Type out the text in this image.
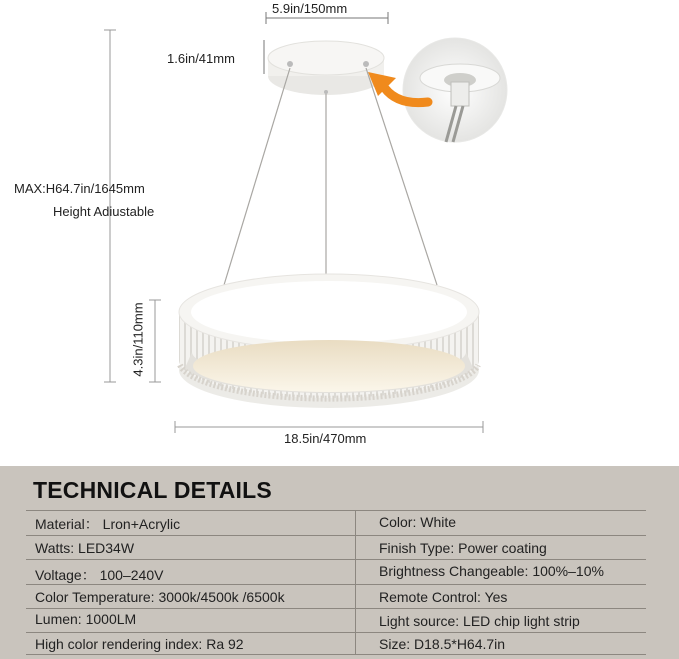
5.9in/150mm
1.6in/41mm
MAX:H64.7in/1645mm
Height Adiustable
4.3in/110mm
18.5in/470mm
TECHNICAL DETAILS
Material： Lron+Acrylic
Watts: LED34W
Voltage： 100–240V
Color Temperature: 3000k/4500k /6500k
Lumen: 1000LM
High color rendering index: Ra 92
Color: White
Finish Type: Power coating
Brightness Changeable: 100%–10%
Remote Control: Yes
Light source: LED chip light strip
Size: D18.5*H64.7in
